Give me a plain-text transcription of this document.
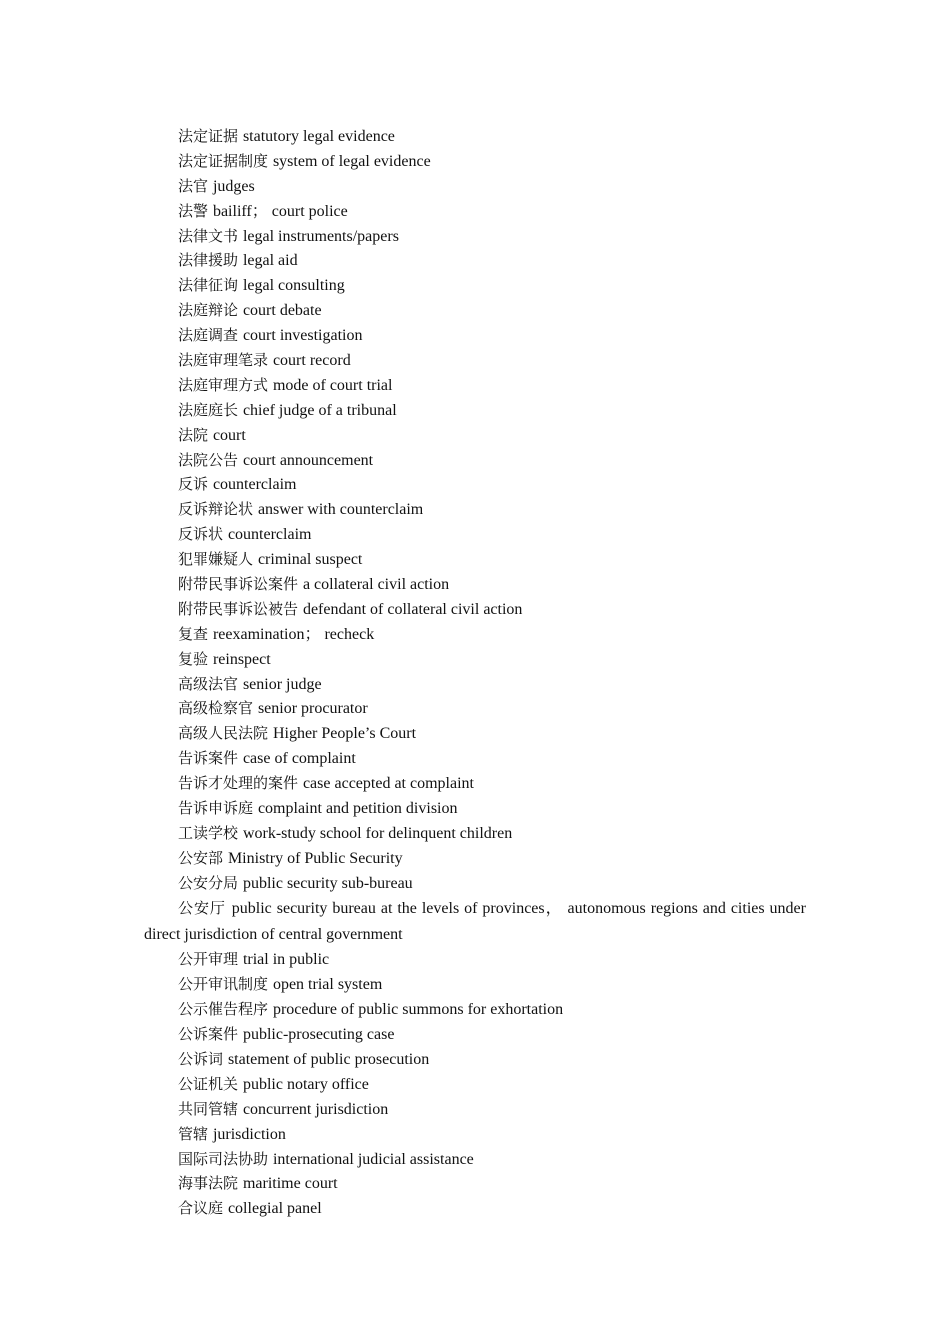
法定证据 statutory legal evidence
法定证据制度 system of legal evidence
法官 judges
法警 bailiff； court police
法律文书 legal instruments/papers
法律援助 legal aid
法律征询 legal consulting
法庭辩论 court debate
法庭调查 court investigation
法庭审理笔录 court record
法庭审理方式 mode of court trial
法庭庭长 chief judge of a tribunal
法院 court
法院公告 court announcement
反诉 counterclaim
反诉辩论状 answer with counterclaim
反诉状 counterclaim
犯罪嫌疑人 criminal suspect
附带民事诉讼案件 a collateral civil action
附带民事诉讼被告 defendant of collateral civil action
复查 reexamination； recheck
复验 reinspect
高级法官 senior judge
高级检察官 senior procurator
高级人民法院 Higher People’s Court
告诉案件 case of complaint
告诉才处理的案件 case accepted at complaint
告诉申诉庭 complaint and petition division
工读学校 work-study school for delinquent children
公安部 Ministry of Public Security
公安分局 public security sub-bureau
公安厅 public security bureau at the levels of provinces， autonomous regions and cities under direct jurisdiction of central government
公开审理 trial in public
公开审讯制度 open trial system
公示催告程序 procedure of public summons for exhortation
公诉案件 public-prosecuting case
公诉词 statement of public prosecution
公证机关 public notary office
共同管辖 concurrent jurisdiction
管辖 jurisdiction
国际司法协助 international judicial assistance
海事法院 maritime court
合议庭 collegial panel
